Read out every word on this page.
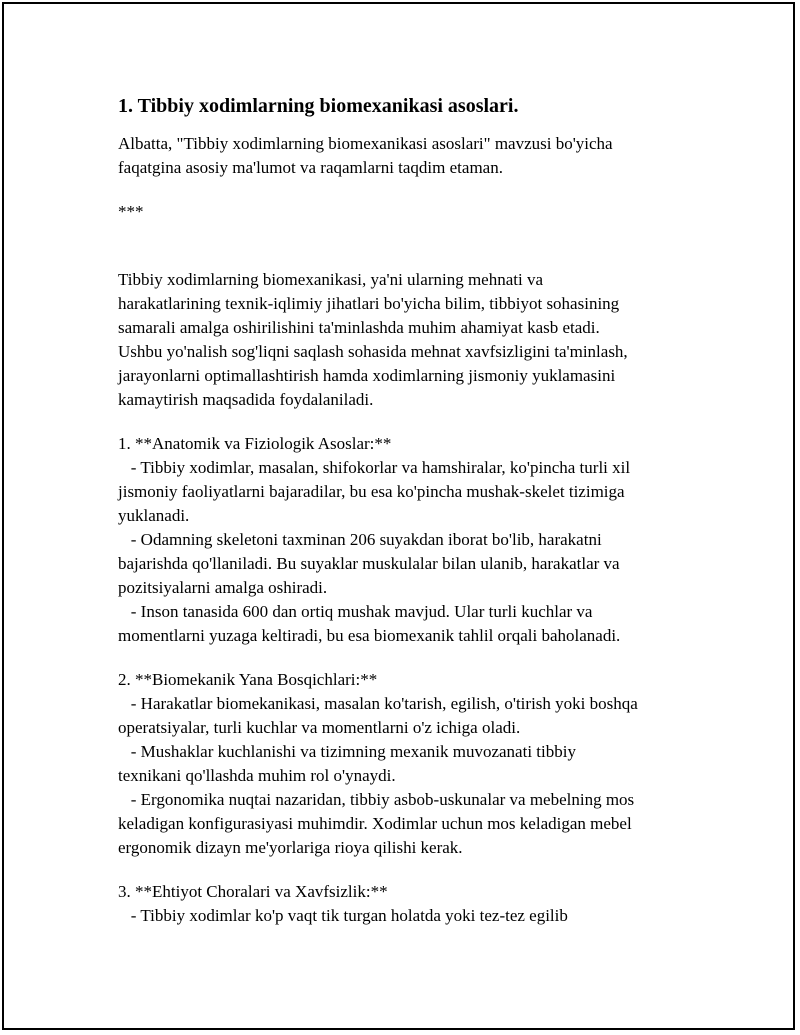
1. Tibbiy xodimlarning biomexanikasi asoslari.
Albatta, "Tibbiy xodimlarning biomexanikasi asoslari" mavzusi bo'yicha
faqatgina asosiy ma'lumot va raqamlarni taqdim etaman.
***
Tibbiy xodimlarning biomexanikasi, ya'ni ularning mehnati va
harakatlarining texnik-iqlimiy jihatlari bo'yicha bilim, tibbiyot sohasining
samarali amalga oshirilishini ta'minlashda muhim ahamiyat kasb etadi.
Ushbu yo'nalish sog'liqni saqlash sohasida mehnat xavfsizligini ta'minlash,
jarayonlarni optimallashtirish hamda xodimlarning jismoniy yuklamasini
kamaytirish maqsadida foydalaniladi.
1. **Anatomik va Fiziologik Asoslar:**
- Tibbiy xodimlar, masalan, shifokorlar va hamshiralar, ko'pincha turli xil
jismoniy faoliyatlarni bajaradilar, bu esa ko'pincha mushak-skelet tizimiga
yuklanadi.
- Odamning skeletoni taxminan 206 suyakdan iborat bo'lib, harakatni
bajarishda qo'llaniladi. Bu suyaklar muskulalar bilan ulanib, harakatlar va
pozitsiyalarni amalga oshiradi.
- Inson tanasida 600 dan ortiq mushak mavjud. Ular turli kuchlar va
momentlarni yuzaga keltiradi, bu esa biomexanik tahlil orqali baholanadi.
2. **Biomekanik Yana Bosqichlari:**
- Harakatlar biomekanikasi, masalan ko'tarish, egilish, o'tirish yoki boshqa
operatsiyalar, turli kuchlar va momentlarni o'z ichiga oladi.
- Mushaklar kuchlanishi va tizimning mexanik muvozanati tibbiy
texnikani qo'llashda muhim rol o'ynaydi.
- Ergonomika nuqtai nazaridan, tibbiy asbob-uskunalar va mebelning mos
keladigan konfigurasiyasi muhimdir. Xodimlar uchun mos keladigan mebel
ergonomik dizayn me'yorlariga rioya qilishi kerak.
3. **Ehtiyot Choralari va Xavfsizlik:**
- Tibbiy xodimlar ko'p vaqt tik turgan holatda yoki tez-tez egilib
